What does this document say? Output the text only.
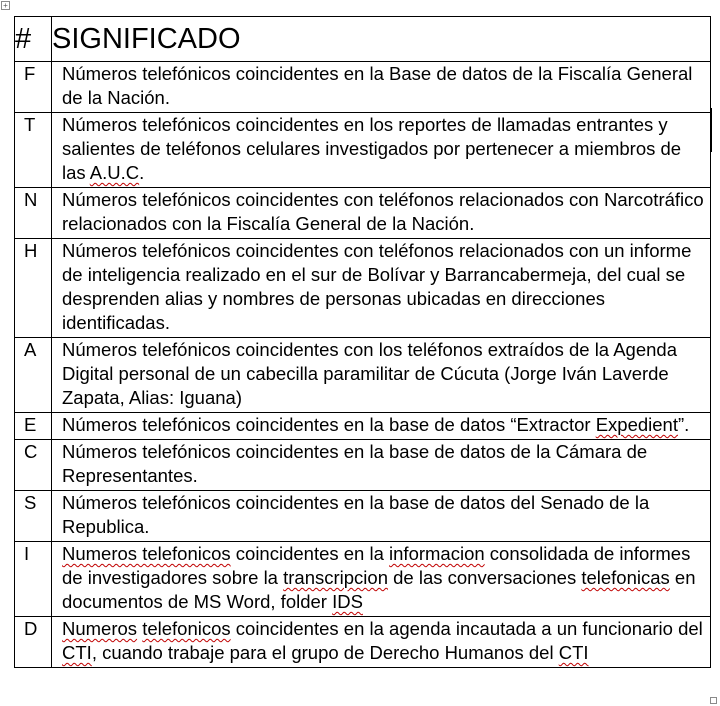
+
#	SIGNIFICADO
F	Números telefónicos coincidentes en la Base de datos de la Fiscalía General de la Nación.
T	Números telefónicos coincidentes en los reportes de llamadas entrantes y salientes de teléfonos celulares investigados por pertenecer a miembros de las A.U.C.
N	Números telefónicos coincidentes con teléfonos relacionados con Narcotráfico relacionados con la Fiscalía General de la Nación.
H	Números telefónicos coincidentes con teléfonos relacionados con un informe de inteligencia realizado en el sur de Bolívar y Barrancabermeja, del cual se desprenden alias y nombres de personas ubicadas en direcciones identificadas.
A	Números telefónicos coincidentes con los teléfonos extraídos de la Agenda Digital personal de un cabecilla paramilitar de Cúcuta (Jorge Iván Laverde Zapata, Alias: Iguana)
E	Números telefónicos coincidentes en la base de datos “Extractor Expedient”.
C	Números telefónicos coincidentes en la base de datos de la Cámara de Representantes.
S	Números telefónicos coincidentes en la base de datos del Senado de la Republica.
I	Numeros telefonicos coincidentes en la informacion consolidada de informes de investigadores sobre la transcripcion de las conversaciones telefonicas en documentos de MS Word, folder IDS
D	Numeros telefonicos coincidentes en la agenda incautada a un funcionario del CTI, cuando trabaje para el grupo de Derecho Humanos del CTI
